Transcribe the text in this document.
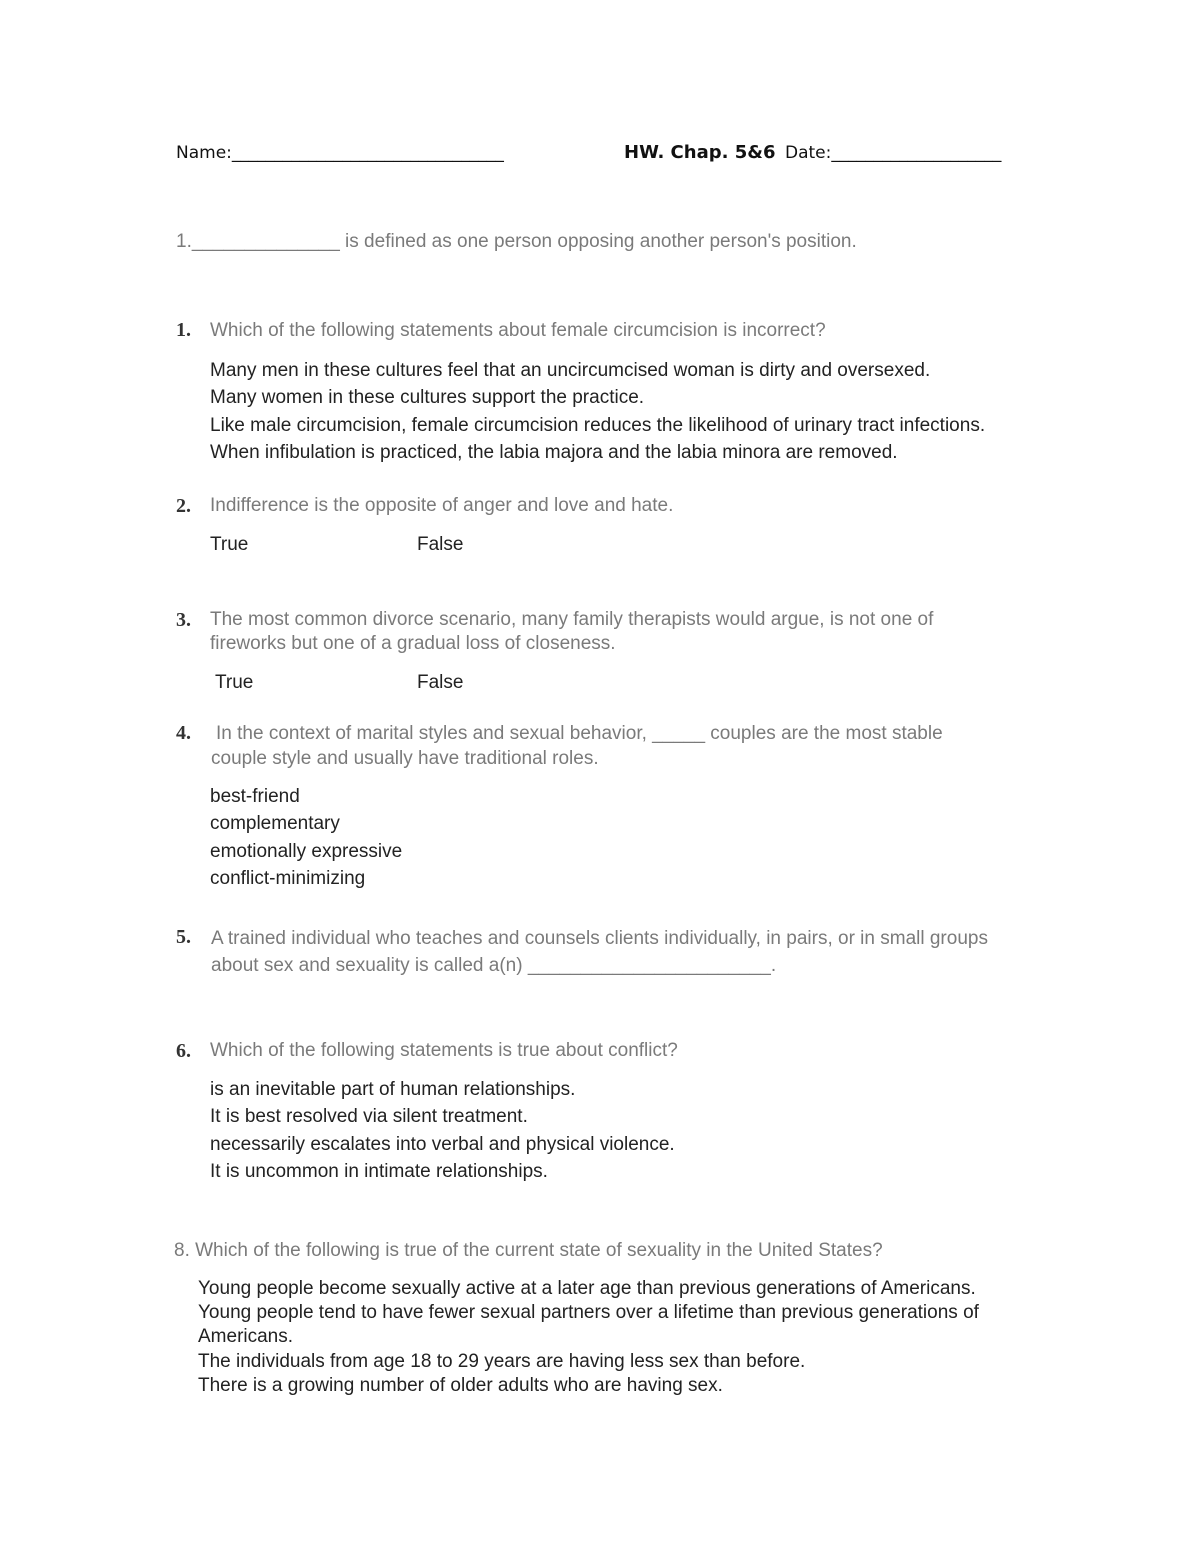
Name:________________________________	HW. Chap. 5&6 Date:____________________
1.______________ is defined as one person opposing another person's position.
1. Which of the following statements about female circumcision is incorrect?
Many men in these cultures feel that an uncircumcised woman is dirty and oversexed.
Many women in these cultures support the practice.
Like male circumcision, female circumcision reduces the likelihood of urinary tract infections.
When infibulation is practiced, the labia majora and the labia minora are removed.
2. Indifference is the opposite of anger and love and hate.
True	False
3. The most common divorce scenario, many family therapists would argue, is not one of
fireworks but one of a gradual loss of closeness.
True	False
4. In the context of marital styles and sexual behavior, _____ couples are the most stable
couple style and usually have traditional roles.
best-friend
complementary
emotionally expressive
conflict-minimizing
5. A trained individual who teaches and counsels clients individually, in pairs, or in small groups
about sex and sexuality is called a(n) _______________________.
6. Which of the following statements is true about conflict?
is an inevitable part of human relationships.
It is best resolved via silent treatment.
necessarily escalates into verbal and physical violence.
It is uncommon in intimate relationships.
8. Which of the following is true of the current state of sexuality in the United States?
Young people become sexually active at a later age than previous generations of Americans.
Young people tend to have fewer sexual partners over a lifetime than previous generations of
Americans.
The individuals from age 18 to 29 years are having less sex than before.
There is a growing number of older adults who are having sex.
